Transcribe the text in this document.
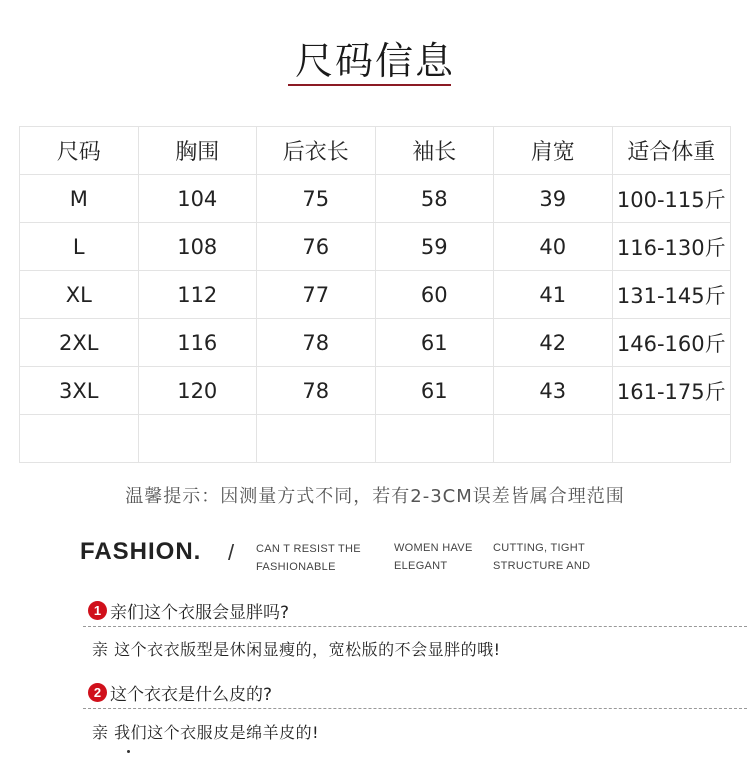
尺码信息
尺码	胸围	后衣长	袖长	肩宽	适合体重
M	104	75	58	39	100-115斤
L	108	76	59	40	116-130斤
XL	112	77	60	41	131-145斤
2XL	116	78	61	42	146-160斤
3XL	120	78	61	43	161-175斤

温馨提示：因测量方式不同，若有2-3CM误差皆属合理范围
FASHION. / CAN T RESIST THE
FASHIONABLE
WOMEN HAVE
ELEGANT
CUTTING, TIGHT
STRUCTURE AND
1 亲们这个衣服会显胖吗?
亲 这个衣衣版型是休闲显瘦的，宽松版的不会显胖的哦!
2 这个衣衣是什么皮的?
亲 我们这个衣服皮是绵羊皮的!
